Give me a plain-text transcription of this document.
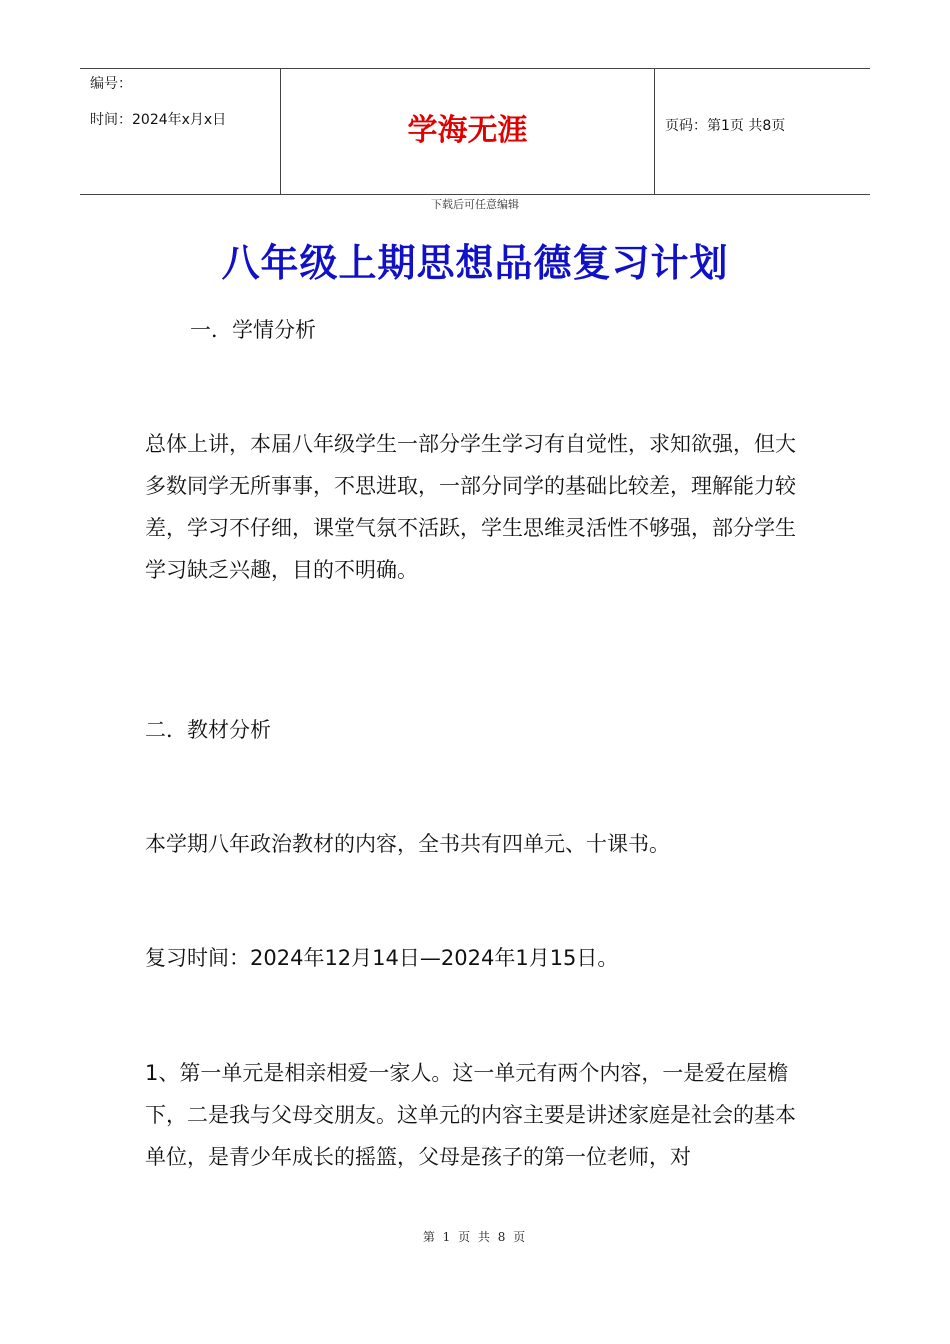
编号：
时间：2024年x月x日	学海无涯	页码：第1页 共8页
下载后可任意编辑
八年级上期思想品德复习计划
一．学情分析
总体上讲，本届八年级学生一部分学生学习有自觉性，求知欲强，但大多数同学无所事事，不思进取，一部分同学的基础比较差，理解能力较差，学习不仔细，课堂气氛不活跃，学生思维灵活性不够强，部分学生学习缺乏兴趣，目的不明确。
二．教材分析
本学期八年政治教材的内容，全书共有四单元、十课书。
复习时间：2024年12月14日—2024年1月15日。
1、第一单元是相亲相爱一家人。这一单元有两个内容，一是爱在屋檐下，二是我与父母交朋友。这单元的内容主要是讲述家庭是社会的基本单位，是青少年成长的摇篮，父母是孩子的第一位老师，对
第 1 页 共 8 页
